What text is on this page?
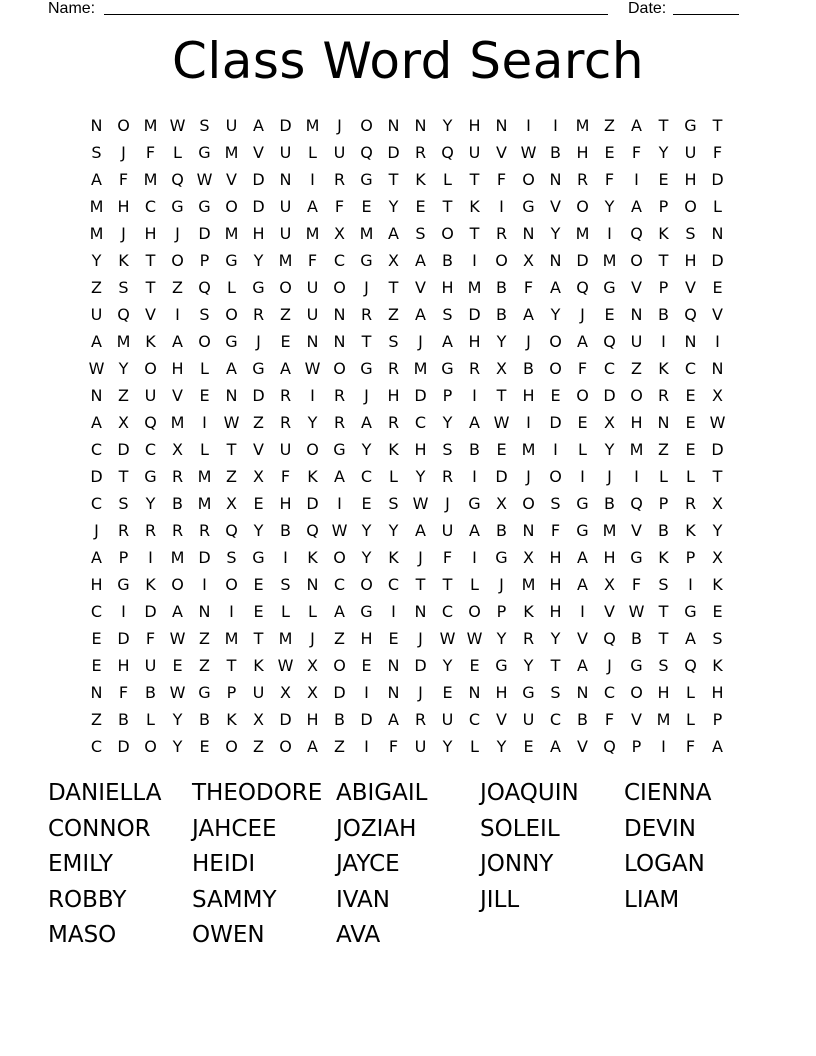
Name:	Date:
Class Word Search
N O M W S	U A D M	J	O N N	Y	H N	I	I	M Z	A	T G T
S	J	F	L	G M V U	L	U Q D R Q U V W B H E	F	Y	U	F
A	F M Q W V D N	I	R G T	K	L	T	F	O N R	F	I	E H D
M H C G G O D U A	F	E	Y	E	T	K	I	G V O Y	A	P O	L
M	J	H	J	D M H U M X M A	S O T	R N	Y M	I	Q K	S N
Y	K	T O P G Y M F	C G X	A	B	I	O X N D M O T	H D
Z	S	T	Z Q	L	G O U O	J	T	V H M B	F	A Q G V	P	V	E
U Q V	I	S O R Z U N R Z	A	S D B	A	Y	J	E N B Q V
A M K	A O G	J	E N N	T	S	J	A H	Y	J	O A Q U	I	N	I
W Y O H	L	A G A W O G R M G R X	B O	F	C Z	K	C N
N Z U V	E N D R	I	R	J	H D	P	I	T	H E O D O R	E	X
A	X Q M	I	W Z R	Y	R A R C	Y	A W	I	D E	X H N E W
C D C X	L	T	V U O G Y	K H S	B	E M	I	L	Y M Z	E D
D T G R M Z	X	F	K	A C	L	Y	R	I	D	J	O	I	J	I	L	L	T
C	S	Y	B M X	E H D	I	E	S W	J	G X O S G B Q P	R X
J	R R R R Q Y	B Q W Y	Y	A U A	B N	F	G M V	B	K	Y
A	P	I	M D S G	I	K O Y	K	J	F	I	G X H A H G K	P	X
H G K O	I	O E	S N C O C	T	T	L	J	M H A	X	F	S	I	K
C	I	D A N	I	E	L	L	A G	I	N C O P	K H	I	V W T G E
E D	F W Z M T M	J	Z H E	J	W W Y	R	Y	V Q B	T	A	S
E H U	E	Z	T	K W X O E N D Y	E G Y	T	A	J	G S Q K
N	F	B W G P	U X	X D	I	N	J	E N H G S N C O H	L	H
Z	B	L	Y	B	K	X D H B D A R U C V U C B	F	V M L	P
C D O Y	E O Z O A	Z	I	F	U	Y	L	Y	E	A	V Q P	I	F	A
DANIELLA	THEODORE ABIGAIL	JOAQUIN	CIENNA
CONNOR	JAHCEE	JOZIAH	SOLEIL	DEVIN
EMILY	HEIDI	JAYCE	JONNY	LOGAN
ROBBY	SAMMY	IVAN	JILL	LIAM
MASO	OWEN	AVA
